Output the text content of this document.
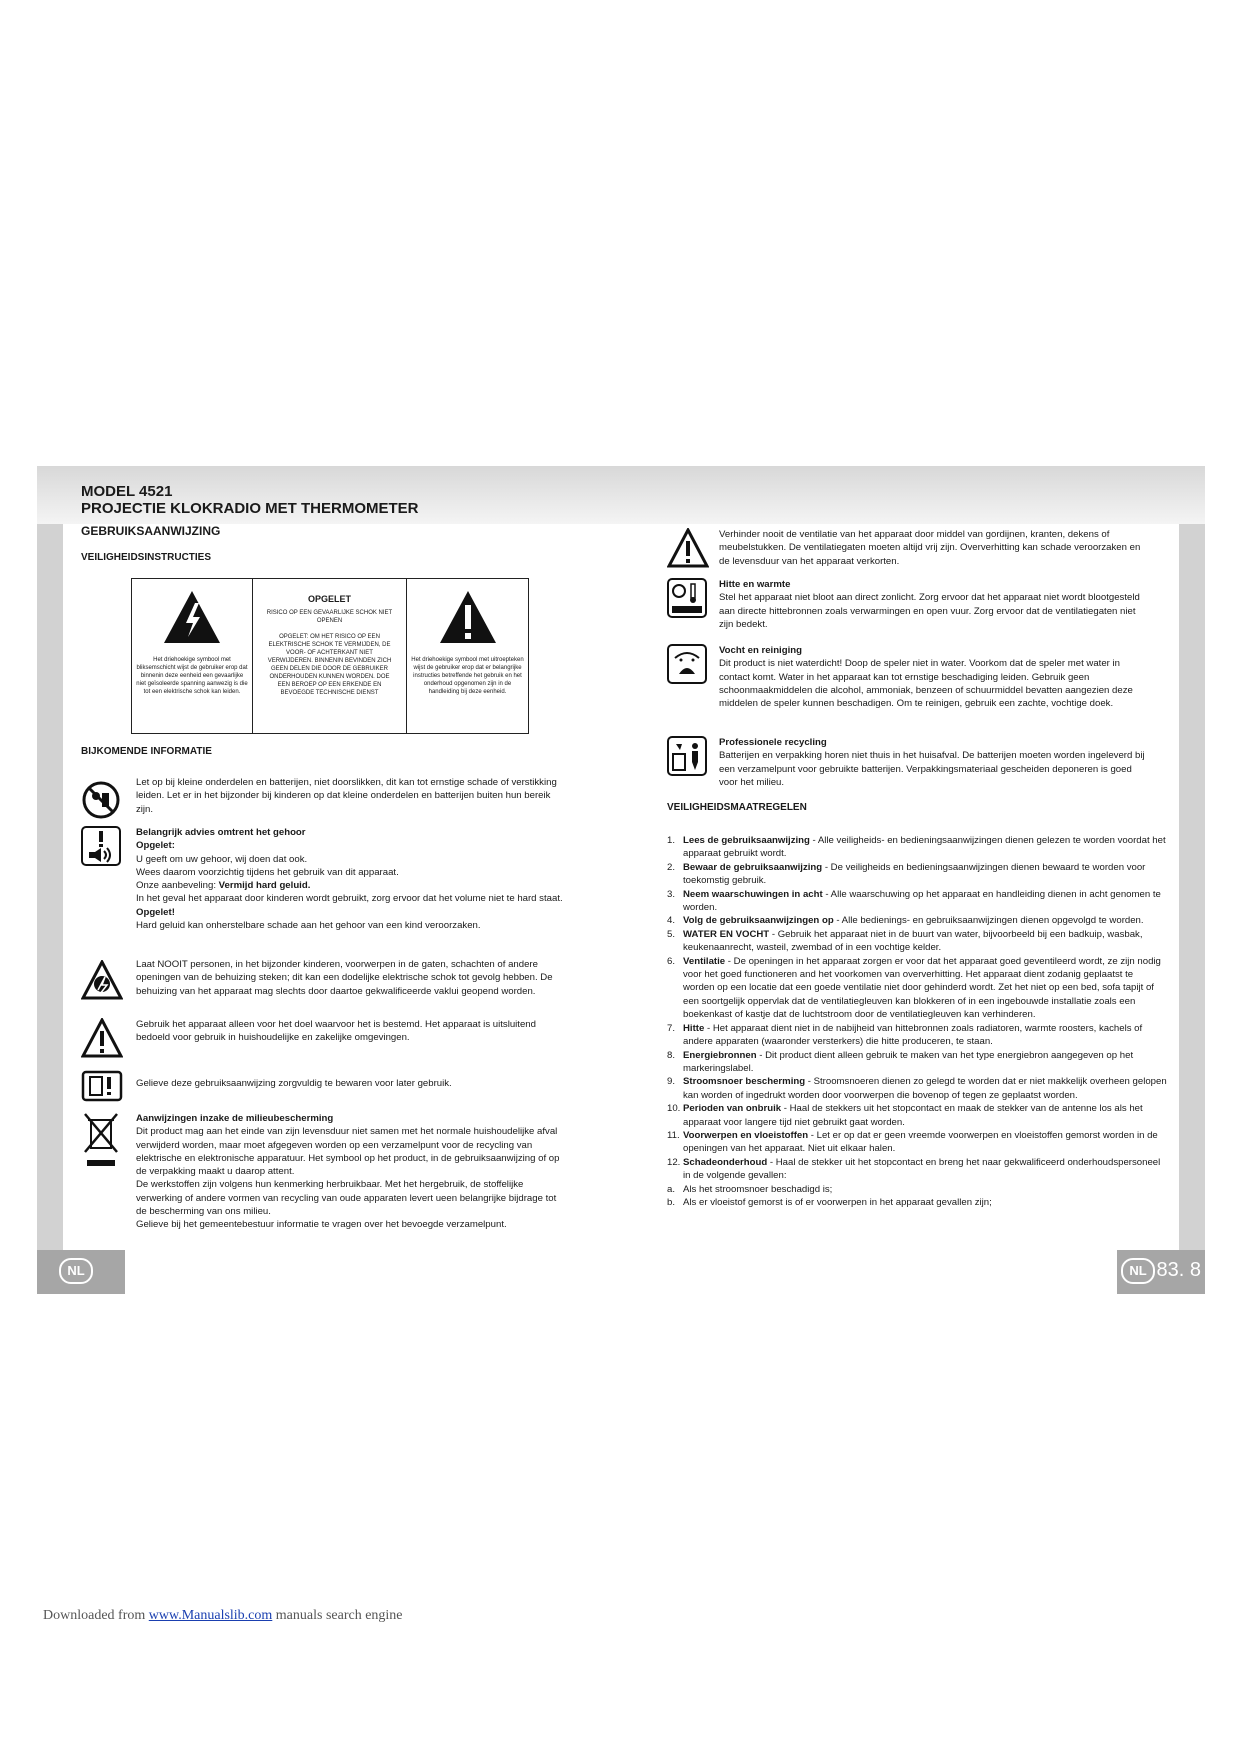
MODEL 4521
PROJECTIE KLOKRADIO MET THERMOMETER
GEBRUIKSAANWIJZING
VEILIGHEIDSINSTRUCTIES
Het driehoekige symbool met bliksemschicht wijst de gebruiker erop dat binnenin deze eenheid een gevaarlijke niet geïsoleerde spanning aanwezig is die tot een elektrische schok kan leiden.
OPGELET
RISICO OP EEN GEVAARLIJKE SCHOK NIET OPENEN
OPGELET: OM HET RISICO OP EEN ELEKTRISCHE SCHOK TE VERMIJDEN, DE VOOR- OF ACHTERKANT NIET VERWIJDEREN. BINNENIN BEVINDEN ZICH GEEN DELEN DIE DOOR DE GEBRUIKER ONDERHOUDEN KUNNEN WORDEN. DOE EEN BEROEP OP EEN ERKENDE EN BEVOEGDE TECHNISCHE DIENST
Het driehoekige symbool met uitroepteken wijst de gebruiker erop dat er belangrijke instructies betreffende het gebruik en het onderhoud opgenomen zijn in de handleiding bij deze eenheid.
BIJKOMENDE INFORMATIE
Let op bij kleine onderdelen en batterijen, niet doorslikken, dit kan tot ernstige schade of verstikking leiden. Let er in het bijzonder bij kinderen op dat kleine onderdelen en batterijen buiten hun bereik zijn.
Belangrijk advies omtrent het gehoor
Opgelet:
U geeft om uw gehoor, wij doen dat ook.
Wees daarom voorzichtig tijdens het gebruik van dit apparaat.
Onze aanbeveling: Vermijd hard geluid.
In het geval het apparaat door kinderen wordt gebruikt, zorg ervoor dat het volume niet te hard staat.
Opgelet!
Hard geluid kan onherstelbare schade aan het gehoor van een kind veroorzaken.
Laat NOOIT personen, in het bijzonder kinderen, voorwerpen in de gaten, schachten of andere openingen van de behuizing steken; dit kan een dodelijke elektrische schok tot gevolg hebben. De behuizing van het apparaat mag slechts door daartoe gekwalificeerde vaklui geopend worden.
Gebruik het apparaat alleen voor het doel waarvoor het is bestemd. Het apparaat is uitsluitend bedoeld voor gebruik in huishoudelijke en zakelijke omgevingen.
Gelieve deze gebruiksaanwijzing zorgvuldig te bewaren voor later gebruik.
Aanwijzingen inzake de milieubescherming
Dit product mag aan het einde van zijn levensduur niet samen met het normale huishoudelijke afval verwijderd worden, maar moet afgegeven worden op een verzamelpunt voor de recycling van elektrische en elektronische apparatuur. Het symbool op het product, in de gebruiksaanwijzing of op de verpakking maakt u daarop attent.
De werkstoffen zijn volgens hun kenmerking herbruikbaar. Met het hergebruik, de stoffelijke verwerking of andere vormen van recycling van oude apparaten levert ueen belangrijke bijdrage tot de bescherming van ons milieu.
Gelieve bij het gemeentebestuur informatie te vragen over het bevoegde verzamelpunt.
Verhinder nooit de ventilatie van het apparaat door middel van gordijnen, kranten, dekens of meubelstukken. De ventilatiegaten moeten altijd vrij zijn. Oververhitting kan schade veroorzaken en de levensduur van het apparaat verkorten.
Hitte en warmte
Stel het apparaat niet bloot aan direct zonlicht. Zorg ervoor dat het apparaat niet wordt blootgesteld aan directe hittebronnen zoals verwarmingen en open vuur. Zorg ervoor dat de ventilatiegaten niet zijn bedekt.
Vocht en reiniging
Dit product is niet waterdicht! Doop de speler niet in water. Voorkom dat de speler met water in contact komt. Water in het apparaat kan tot ernstige beschadiging leiden. Gebruik geen schoonmaakmiddelen die alcohol, ammoniak, benzeen of schuurmiddel bevatten aangezien deze middelen de speler kunnen beschadigen. Om te reinigen, gebruik een zachte, vochtige doek.
Professionele recycling
Batterijen en verpakking horen niet thuis in het huisafval. De batterijen moeten worden ingeleverd bij een verzamelpunt voor gebruikte batterijen. Verpakkingsmateriaal gescheiden deponeren is goed voor het milieu.
VEILIGHEIDSMAATREGELEN
1. Lees de gebruiksaanwijzing - Alle veiligheids- en bedieningsaanwijzingen dienen gelezen te worden voordat het apparaat gebruikt wordt.
2. Bewaar de gebruiksaanwijzing - De veiligheids en bedieningsaanwijzingen dienen bewaard te worden voor toekomstig gebruik.
3. Neem waarschuwingen in acht - Alle waarschuwing op het apparaat en handleiding dienen in acht genomen te worden.
4. Volg de gebruiksaanwijzingen op - Alle bedienings- en gebruiksaanwijzingen dienen opgevolgd te worden.
5. WATER EN VOCHT - Gebruik het apparaat niet in de buurt van water, bijvoorbeeld bij een badkuip, wasbak, keukenaanrecht, wasteil, zwembad of in een vochtige kelder.
6. Ventilatie - De openingen in het apparaat zorgen er voor dat het apparaat goed geventileerd wordt, ze zijn nodig voor het goed functioneren and het voorkomen van oververhitting. Het apparaat dient zodanig geplaatst te worden op een locatie dat een goede ventilatie niet door gehinderd wordt. Zet het niet op een bed, sofa tapijt of een soortgelijk oppervlak dat de ventilatiegleuven kan blokkeren of in een ingebouwde installatie zoals een boekenkast of kastje dat de luchtstroom door de ventilatiegleuven kan verhinderen.
7. Hitte - Het apparaat dient niet in de nabijheid van hittebronnen zoals radiatoren, warmte roosters, kachels of andere apparaten (waaronder versterkers) die hitte produceren, te staan.
8. Energiebronnen - Dit product dient alleen gebruik te maken van het type energiebron aangegeven op het markeringslabel.
9. Stroomsnoer bescherming - Stroomsnoeren dienen zo gelegd te worden dat er niet makkelijk overheen gelopen kan worden of ingedrukt worden door voorwerpen die bovenop of tegen ze geplaatst worden.
10. Perioden van onbruik - Haal de stekkers uit het stopcontact en maak de stekker van de antenne los als het apparaat voor langere tijd niet gebruikt gaat worden.
11. Voorwerpen en vloeistoffen - Let er op dat er geen vreemde voorwerpen en vloeistoffen gemorst worden in de openingen van het apparaat. Niet uit elkaar halen.
12. Schadeonderhoud - Haal de stekker uit het stopcontact en breng het naar gekwalificeerd onderhoudspersoneel in de volgende gevallen:
a. Als het stroomsnoer beschadigd is;
b. Als er vloeistof gemorst is of er voorwerpen in het apparaat gevallen zijn;
NL	NL 83. 8
Downloaded from www.Manualslib.com manuals search engine
